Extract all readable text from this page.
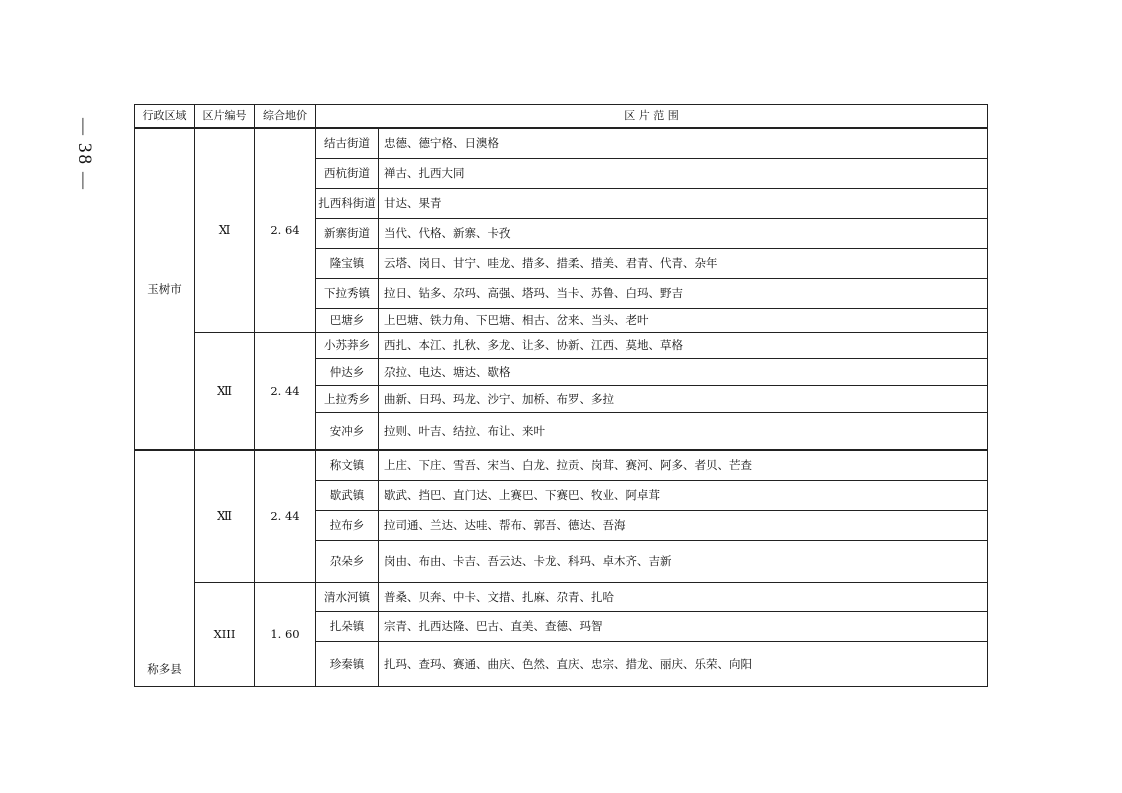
—38—
行政区域	区片编号	综合地价	区 片 范 围	
玉树市	Ⅺ	2. 64	结古街道	忠德、德宁格、日澳格
			西杭街道	禅古、扎西大同
			扎西科街道	甘达、果青
			新寨街道	当代、代格、新寨、卡孜
			隆宝镇	云塔、岗日、甘宁、哇龙、措多、措柔、措美、君青、代青、杂年
			下拉秀镇	拉日、钻多、尕玛、高强、塔玛、当卡、苏鲁、白玛、野吉
			巴塘乡	上巴塘、铁力角、下巴塘、相古、岔来、当头、老叶
	Ⅻ	2. 44	小苏莽乡	西扎、本江、扎秋、多龙、让多、协新、江西、莫地、草格
			仲达乡	尕拉、电达、塘达、歇格
			上拉秀乡	曲新、日玛、玛龙、沙宁、加桥、布罗、多拉
			安冲乡	拉则、叶吉、结拉、布让、来叶
称多县	Ⅻ	2. 44	称文镇	上庄、下庄、雪吾、宋当、白龙、拉贡、岗茸、赛河、阿多、者贝、芒查
			歇武镇	歇武、挡巴、直门达、上赛巴、下赛巴、牧业、阿卓茸
			拉布乡	拉司通、兰达、达哇、帮布、郭吾、德达、吾海
			尕朵乡	岗由、布由、卡吉、吾云达、卡龙、科玛、卓木齐、吉新
	XIII	1. 60	清水河镇	普桑、贝奔、中卡、文措、扎麻、尕青、扎哈
			扎朵镇	宗青、扎西达隆、巴古、直美、查德、玛智
			珍秦镇	扎玛、查玛、赛通、曲庆、色然、直庆、忠宗、措龙、丽庆、乐荣、向阳
